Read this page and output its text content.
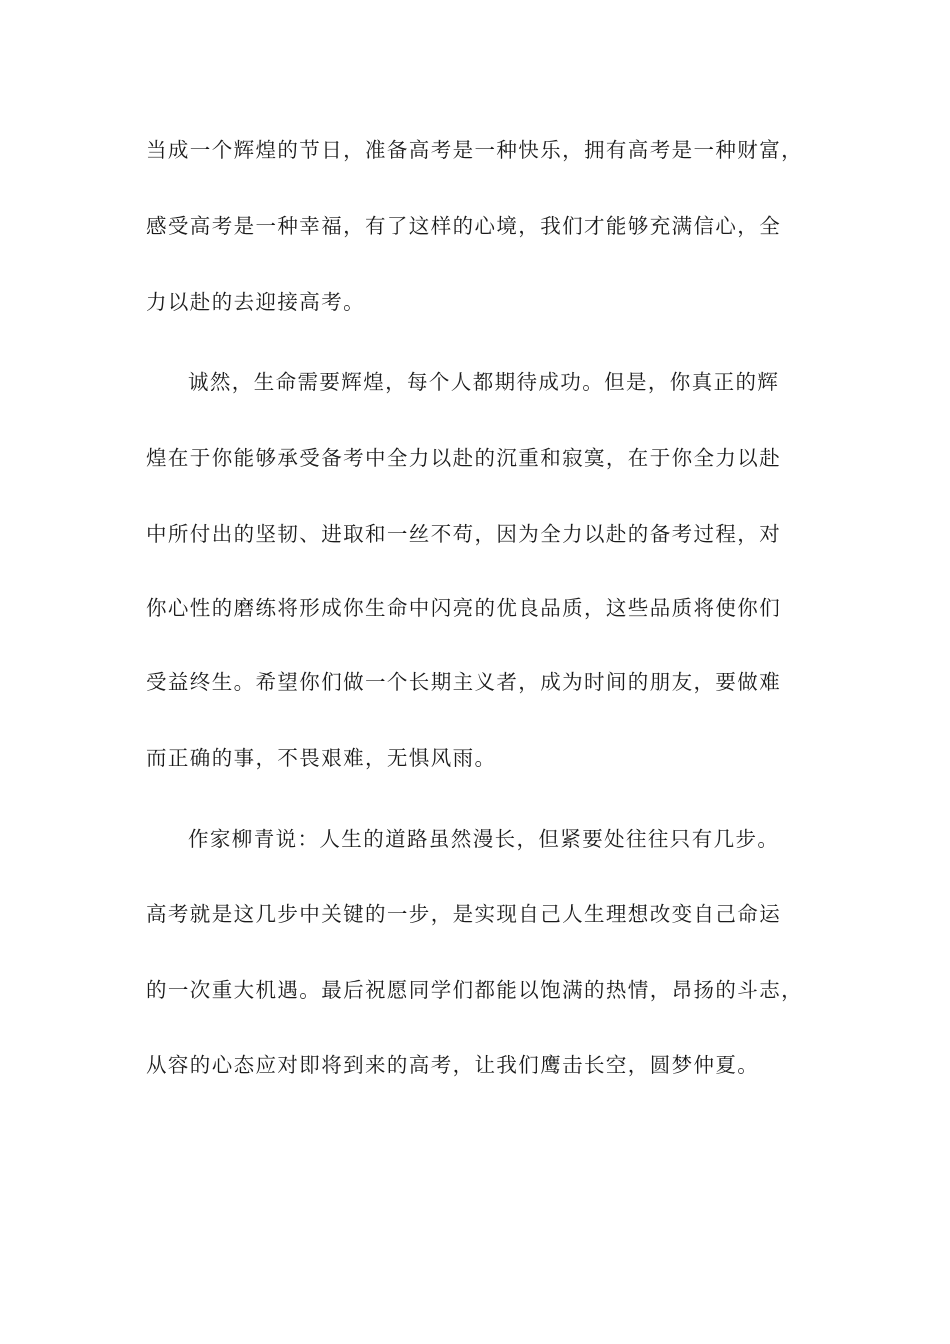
当成一个辉煌的节日，准备高考是一种快乐，拥有高考是一种财富，
感受高考是一种幸福，有了这样的心境，我们才能够充满信心，全
力以赴的去迎接高考。
诚然，生命需要辉煌，每个人都期待成功。但是，你真正的辉
煌在于你能够承受备考中全力以赴的沉重和寂寞，在于你全力以赴
中所付出的坚韧、进取和一丝不苟，因为全力以赴的备考过程，对
你心性的磨练将形成你生命中闪亮的优良品质，这些品质将使你们
受益终生。希望你们做一个长期主义者，成为时间的朋友，要做难
而正确的事，不畏艰难，无惧风雨。
作家柳青说：人生的道路虽然漫长，但紧要处往往只有几步。
高考就是这几步中关键的一步，是实现自己人生理想改变自己命运
的一次重大机遇。最后祝愿同学们都能以饱满的热情，昂扬的斗志，
从容的心态应对即将到来的高考，让我们鹰击长空，圆梦仲夏。
